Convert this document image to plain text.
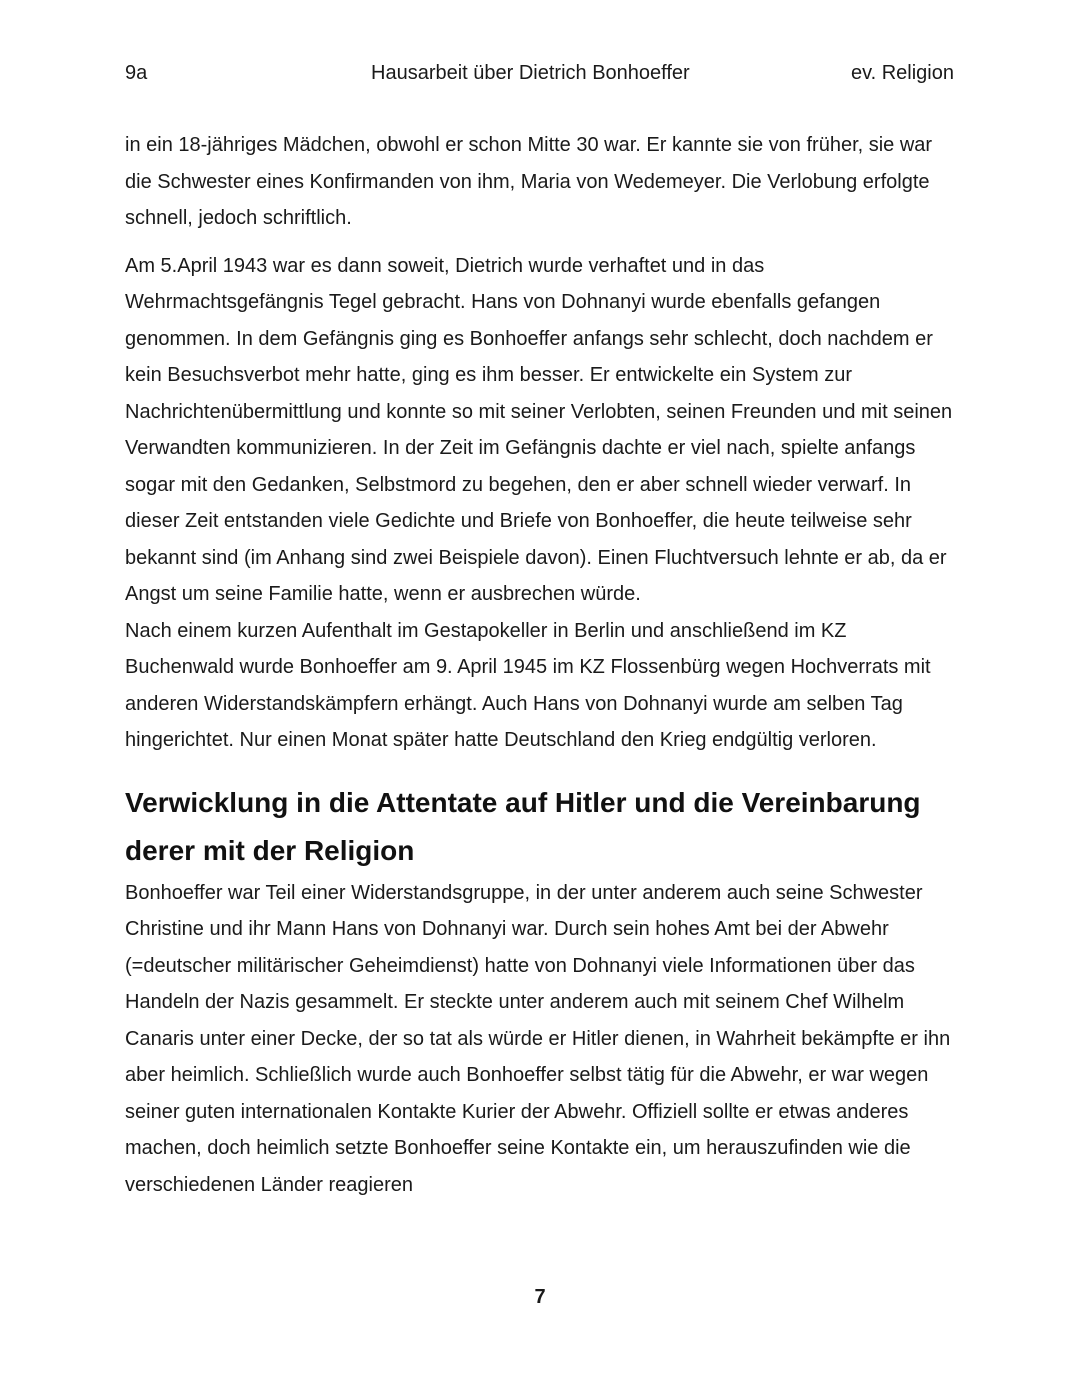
9a	Hausarbeit über Dietrich Bonhoeffer	ev. Religion

in ein 18-jähriges Mädchen, obwohl er schon Mitte 30 war. Er kannte sie von früher, sie war die Schwester eines Konfirmanden von ihm, Maria von Wedemeyer. Die Verlobung erfolgte schnell, jedoch schriftlich.

Am 5.April 1943 war es dann soweit, Dietrich wurde verhaftet und in das Wehrmachtsgefängnis Tegel gebracht. Hans von Dohnanyi wurde ebenfalls gefangen genommen. In dem Gefängnis ging es Bonhoeffer anfangs sehr schlecht, doch nachdem er kein Besuchsverbot mehr hatte, ging es ihm besser. Er entwickelte ein System zur Nachrichtenübermittlung und konnte so mit seiner Verlobten, seinen Freunden und mit seinen Verwandten kommunizieren. In der Zeit im Gefängnis dachte er viel nach, spielte anfangs sogar mit den Gedanken, Selbstmord zu begehen, den er aber schnell wieder verwarf. In dieser Zeit entstanden viele Gedichte und Briefe von Bonhoeffer, die heute teilweise sehr bekannt sind (im Anhang sind zwei Beispiele davon). Einen Fluchtversuch lehnte er ab, da er Angst um seine Familie hatte, wenn er ausbrechen würde.

Nach einem kurzen Aufenthalt im Gestapokeller in Berlin und anschließend im KZ Buchenwald wurde Bonhoeffer am 9. April 1945 im KZ Flossenbürg wegen Hochverrats mit anderen Widerstandskämpfern erhängt. Auch Hans von Dohnanyi wurde am selben Tag hingerichtet. Nur einen Monat später hatte Deutschland den Krieg endgültig verloren.

Verwicklung in die Attentate auf Hitler und die Vereinbarung derer mit der Religion

Bonhoeffer war Teil einer Widerstandsgruppe, in der unter anderem auch seine Schwester Christine und ihr Mann Hans von Dohnanyi war. Durch sein hohes Amt bei der Abwehr (=deutscher militärischer Geheimdienst) hatte von Dohnanyi viele Informationen über das Handeln der Nazis gesammelt. Er steckte unter anderem auch mit seinem Chef Wilhelm Canaris unter einer Decke, der so tat als würde er Hitler dienen, in Wahrheit bekämpfte er ihn aber heimlich. Schließlich wurde auch Bonhoeffer selbst tätig für die Abwehr, er war wegen seiner guten internationalen Kontakte Kurier der Abwehr. Offiziell sollte er etwas anderes machen, doch heimlich setzte Bonhoeffer seine Kontakte ein, um herauszufinden wie die verschiedenen Länder reagieren

7
